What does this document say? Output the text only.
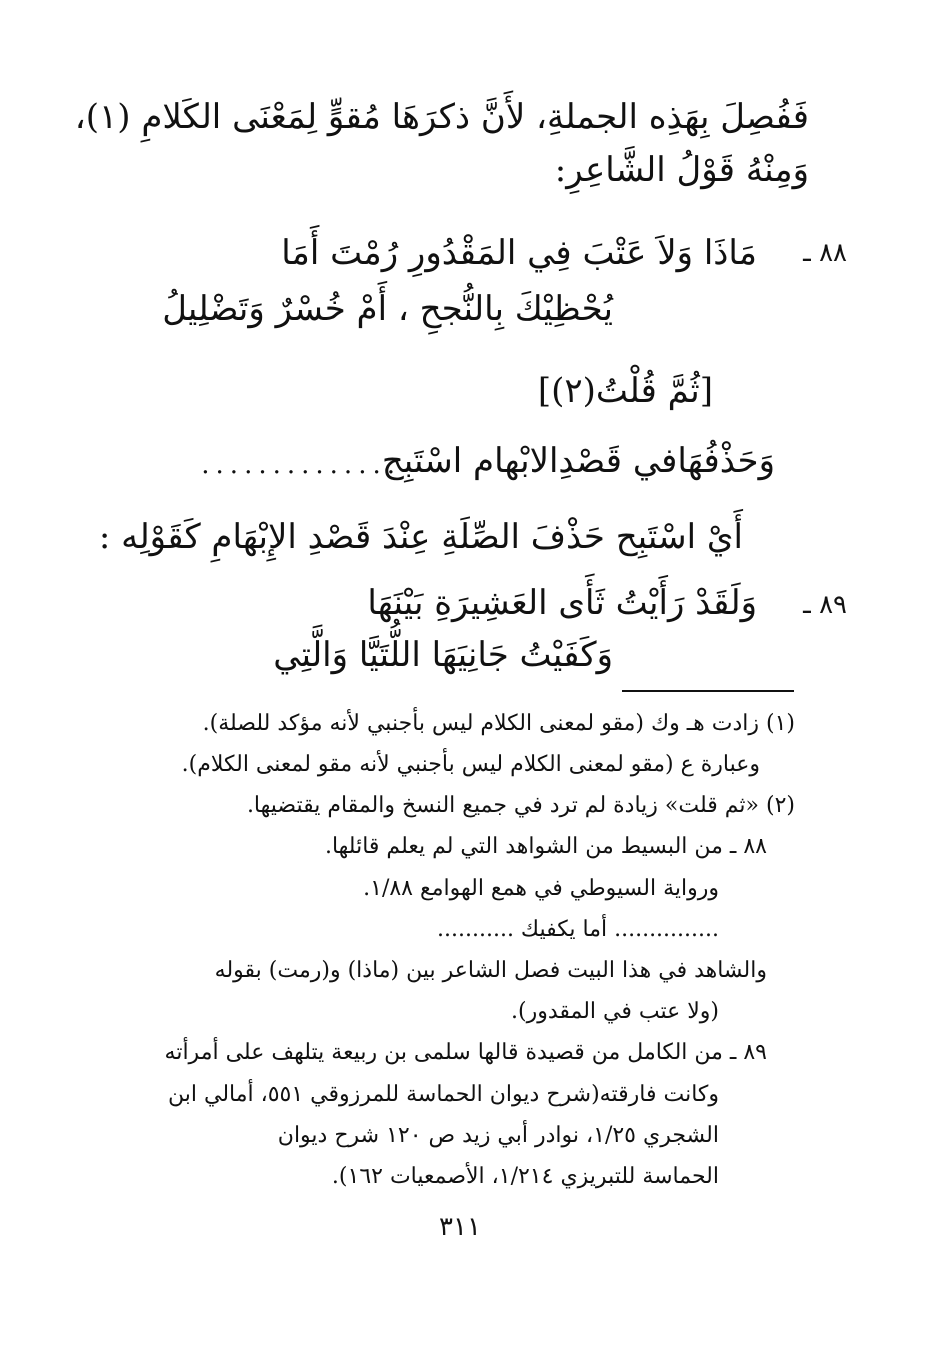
فَفُصِلَ بِهَذِه الجملةِ، لأَنَّ ذكرَهَا مُقوٍّ لِمَعْنَى الكَلامِ (١)،
وَمِنْهُ قَوْلُ الشَّاعِرِ:
٨٨ ـ
مَاذَا وَلاَ عَتْبَ فِي المَقْدُورِ رُمْتَ أَمَا
يُحْظِيْكَ بِالنُّجحِ ، أَمْ خُسْرٌ وَتَضْلِيلُ
[ثُمَّ قُلْتُ(٢)]
وَحَذْفُهَافي قَصْدِالابْهام اسْتَبِح
..............
أَيْ اسْتَبِح حَذْفَ الصِّلَةِ عِنْدَ قَصْدِ الإِبْهَامِ كَقَوْلِه :
٨٩ ـ
وَلَقَدْ رَأَيْتُ ثَأَى العَشِيرَةِ بَيْنَهَا
وَكَفَيْتُ جَانِيَهَا اللُّتَيَّا وَالَّتِي
(١) زادت هـ وك (مقو لمعنى الكلام ليس بأجنبي لأنه مؤكد للصلة).
وعبارة ع (مقو لمعنى الكلام ليس بأجنبي لأنه مقو لمعنى الكلام).
(٢) «ثم قلت» زيادة لم ترد في جميع النسخ والمقام يقتضيها.
٨٨ ـ من البسيط من الشواهد التي لم يعلم قائلها.
ورواية السيوطي في همع الهوامع ١/٨٨.
............... أما يكفيك ...........
والشاهد في هذا البيت فصل الشاعر بين (ماذا) و(رمت) بقوله
(ولا عتب في المقدور).
٨٩ ـ من الكامل من قصيدة قالها سلمى بن ربيعة يتلهف على أمرأته
وكانت فارقته(شرح ديوان الحماسة للمرزوقي ٥٥١، أمالي ابن
الشجري ١/٢٥، نوادر أبي زيد ص ١٢٠ شرح ديوان
الحماسة للتبريزي ١/٢١٤، الأصمعيات ١٦٢).
٣١١
